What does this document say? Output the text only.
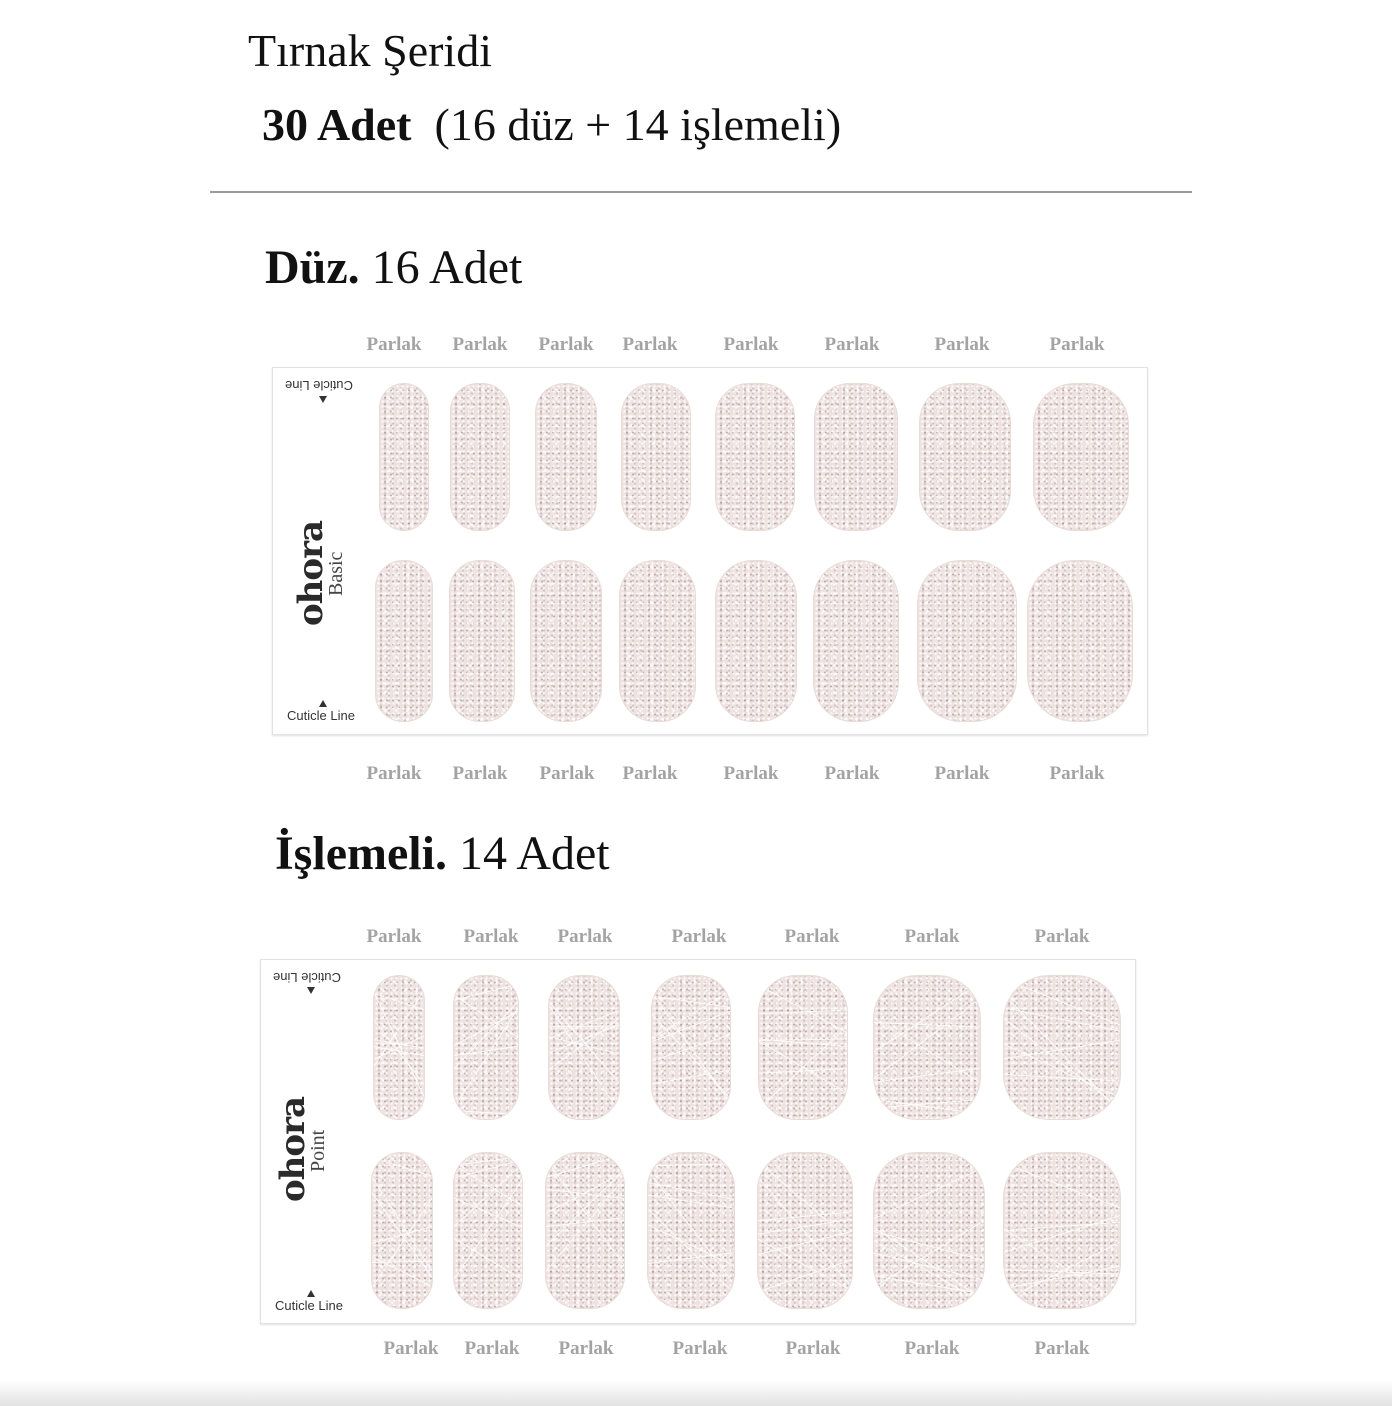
Tırnak Şeridi
30 Adet (16 düz + 14 işlemeli)
Düz. 16 Adet
Parlak Parlak Parlak Parlak Parlak Parlak	Parlak	Parlak
Cuticle Line
ohora
Basic
Cuticle Line
Parlak Parlak Parlak Parlak Parlak Parlak	Parlak	Parlak
İşlemeli. 14 Adet
Parlak Parlak Parlak	Parlak	Parlak	Parlak	Parlak
Cuticle Line
ohora
Point
Cuticle Line
Parlak Parlak Parlak	Parlak	Parlak	Parlak	Parlak
